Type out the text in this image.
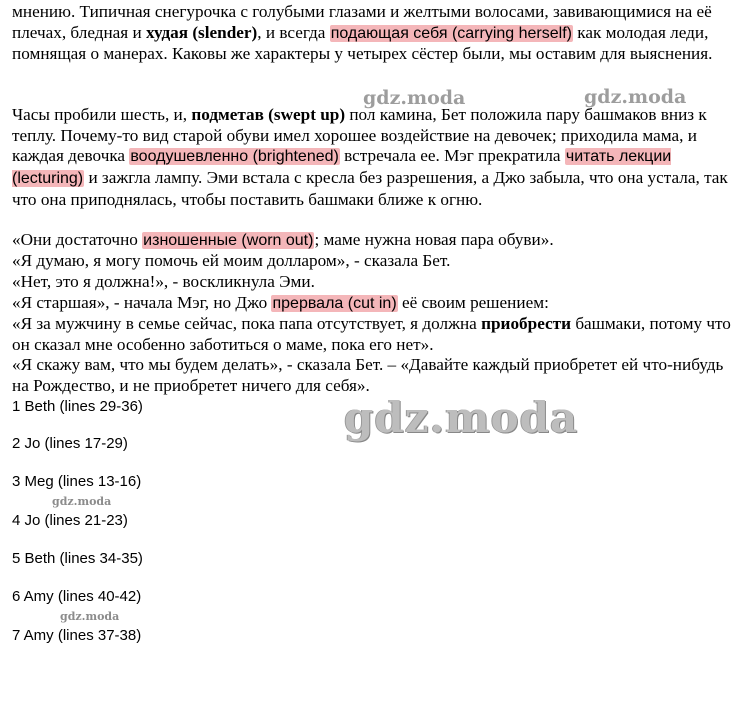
мнению. Типичная снегурочка с голубыми глазами и желтыми волосами, завивающимися на её плечах, бледная и худая (slender), и всегда подающая себя (carrying herself) как молодая леди, помнящая о манерах. Каковы же характеры у четырех сёстер были, мы оставим для выяснения.
Часы пробили шесть, и, подметав (swept up) пол камина, Бет положила пару башмаков вниз к теплу. Почему-то вид старой обуви имел хорошее воздействие на девочек; приходила мама, и каждая девочка воодушевленно (brightened) встречала ее. Мэг прекратила читать лекции (lecturing) и зажгла лампу. Эми встала с кресла без разрешения, а Джо забыла, что она устала, так что она приподнялась, чтобы поставить башмаки ближе к огню.
«Они достаточно изношенные (worn out); маме нужна новая пара обуви».
«Я думаю, я могу помочь ей моим долларом», - сказала Бет.
«Нет, это я должна!», - воскликнула Эми.
«Я старшая», - начала Мэг, но Джо прервала (cut in) её своим решением:
«Я за мужчину в семье сейчас, пока папа отсутствует, я должна приобрести башмаки, потому что он сказал мне особенно заботиться о маме, пока его нет».
«Я скажу вам, что мы будем делать», - сказала Бет. – «Давайте каждый приобретет ей что-нибудь на Рождество, и не приобретет ничего для себя».
1 Beth (lines 29-36)
2 Jo (lines 17-29)
3 Meg (lines 13-16)
4 Jo (lines 21-23)
5 Beth (lines 34-35)
6 Amy (lines 40-42)
7 Amy (lines 37-38)
gdz.moda	gdz.moda
gdz.moda
gdz.moda
gdz.moda
